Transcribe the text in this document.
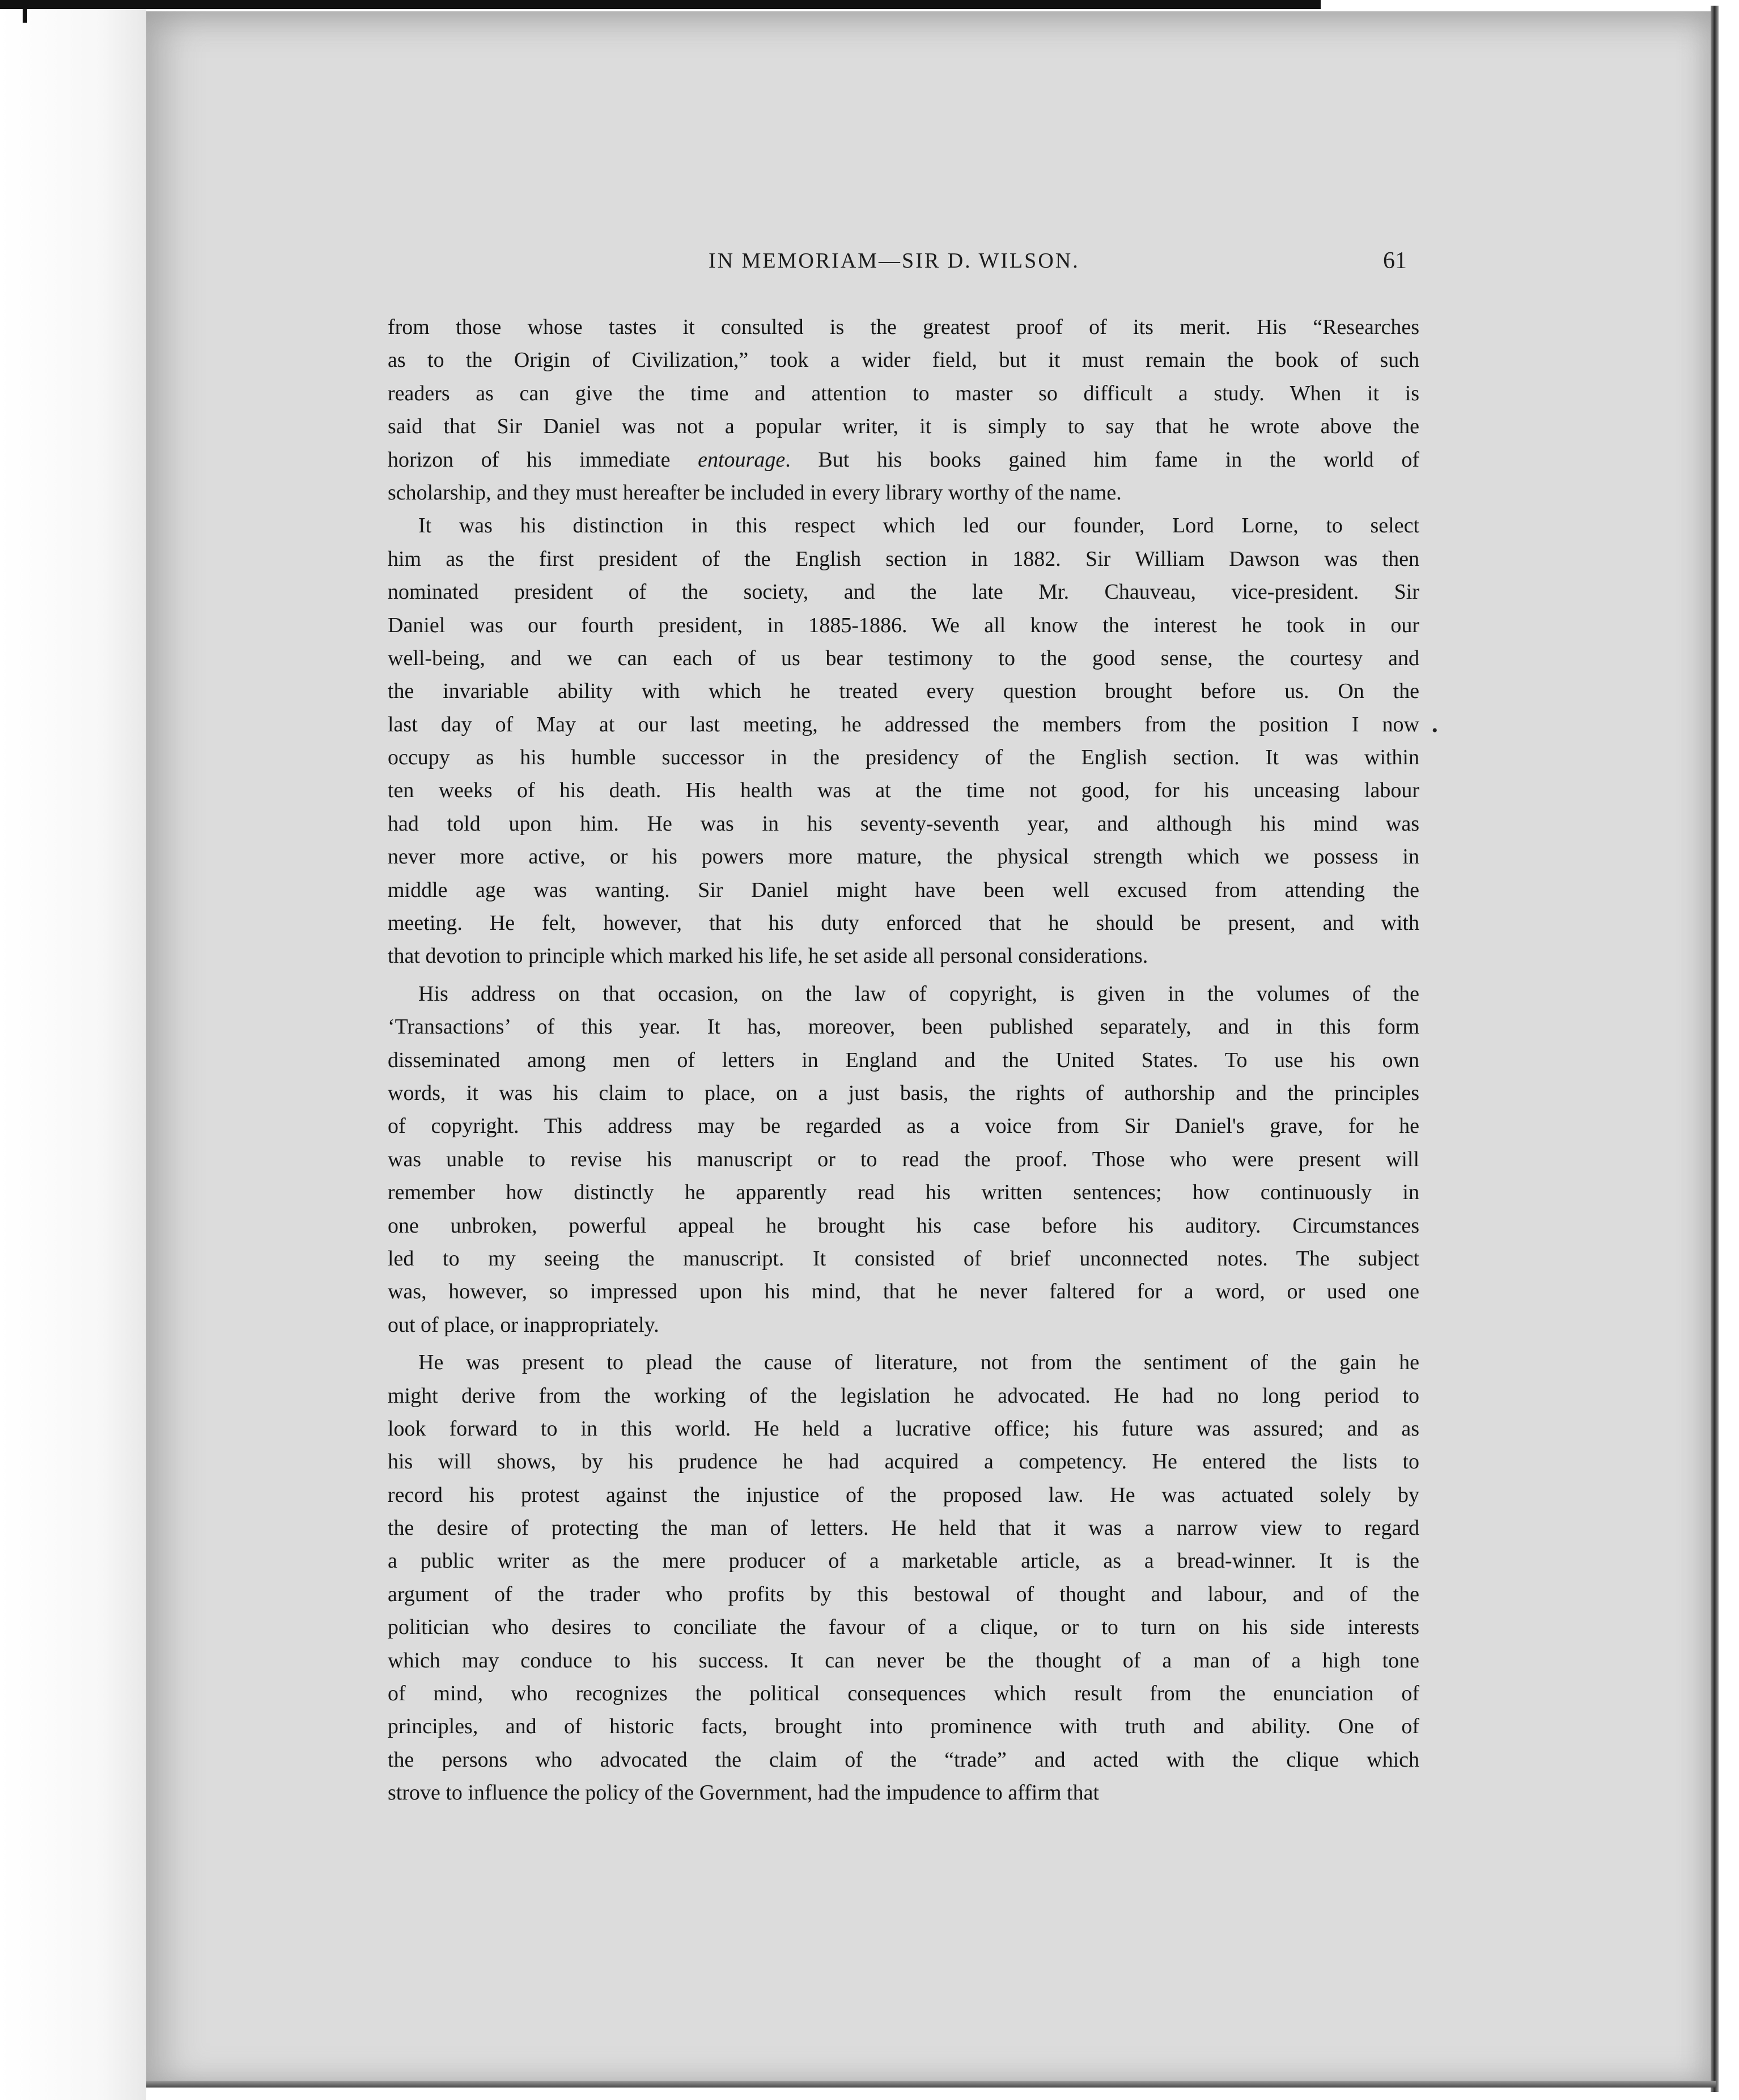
IN MEMORIAM—SIR D. WILSON.	61
•
from those whose tastes it consulted is the greatest proof of its merit. His “Researches
as to the Origin of Civilization,” took a wider field, but it must remain the book of such
readers as can give the time and attention to master so difficult a study. When it is
said that Sir Daniel was not a popular writer, it is simply to say that he wrote above the
horizon of his immediate entourage. But his books gained him fame in the world of
scholarship, and they must hereafter be included in every library worthy of the name.
It was his distinction in this respect which led our founder, Lord Lorne, to select
him as the first president of the English section in 1882. Sir William Dawson was then
nominated president of the society, and the late Mr. Chauveau, vice-president. Sir
Daniel was our fourth president, in 1885-1886. We all know the interest he took in our
well-being, and we can each of us bear testimony to the good sense, the courtesy and
the invariable ability with which he treated every question brought before us. On the
last day of May at our last meeting, he addressed the members from the position I now
occupy as his humble successor in the presidency of the English section. It was within
ten weeks of his death. His health was at the time not good, for his unceasing labour
had told upon him. He was in his seventy-seventh year, and although his mind was
never more active, or his powers more mature, the physical strength which we possess in
middle age was wanting. Sir Daniel might have been well excused from attending the
meeting. He felt, however, that his duty enforced that he should be present, and with
that devotion to principle which marked his life, he set aside all personal considerations.
His address on that occasion, on the law of copyright, is given in the volumes of the
‘Transactions’ of this year. It has, moreover, been published separately, and in this form
disseminated among men of letters in England and the United States. To use his own
words, it was his claim to place, on a just basis, the rights of authorship and the principles
of copyright. This address may be regarded as a voice from Sir Daniel's grave, for he
was unable to revise his manuscript or to read the proof. Those who were present will
remember how distinctly he apparently read his written sentences; how continuously in
one unbroken, powerful appeal he brought his case before his auditory. Circumstances
led to my seeing the manuscript. It consisted of brief unconnected notes. The subject
was, however, so impressed upon his mind, that he never faltered for a word, or used one
out of place, or inappropriately.
He was present to plead the cause of literature, not from the sentiment of the gain he
might derive from the working of the legislation he advocated. He had no long period to
look forward to in this world. He held a lucrative office; his future was assured; and as
his will shows, by his prudence he had acquired a competency. He entered the lists to
record his protest against the injustice of the proposed law. He was actuated solely by
the desire of protecting the man of letters. He held that it was a narrow view to regard
a public writer as the mere producer of a marketable article, as a bread-winner. It is the
argument of the trader who profits by this bestowal of thought and labour, and of the
politician who desires to conciliate the favour of a clique, or to turn on his side interests
which may conduce to his success. It can never be the thought of a man of a high tone
of mind, who recognizes the political consequences which result from the enunciation of
principles, and of historic facts, brought into prominence with truth and ability. One of
the persons who advocated the claim of the “trade” and acted with the clique which
strove to influence the policy of the Government, had the impudence to affirm that
